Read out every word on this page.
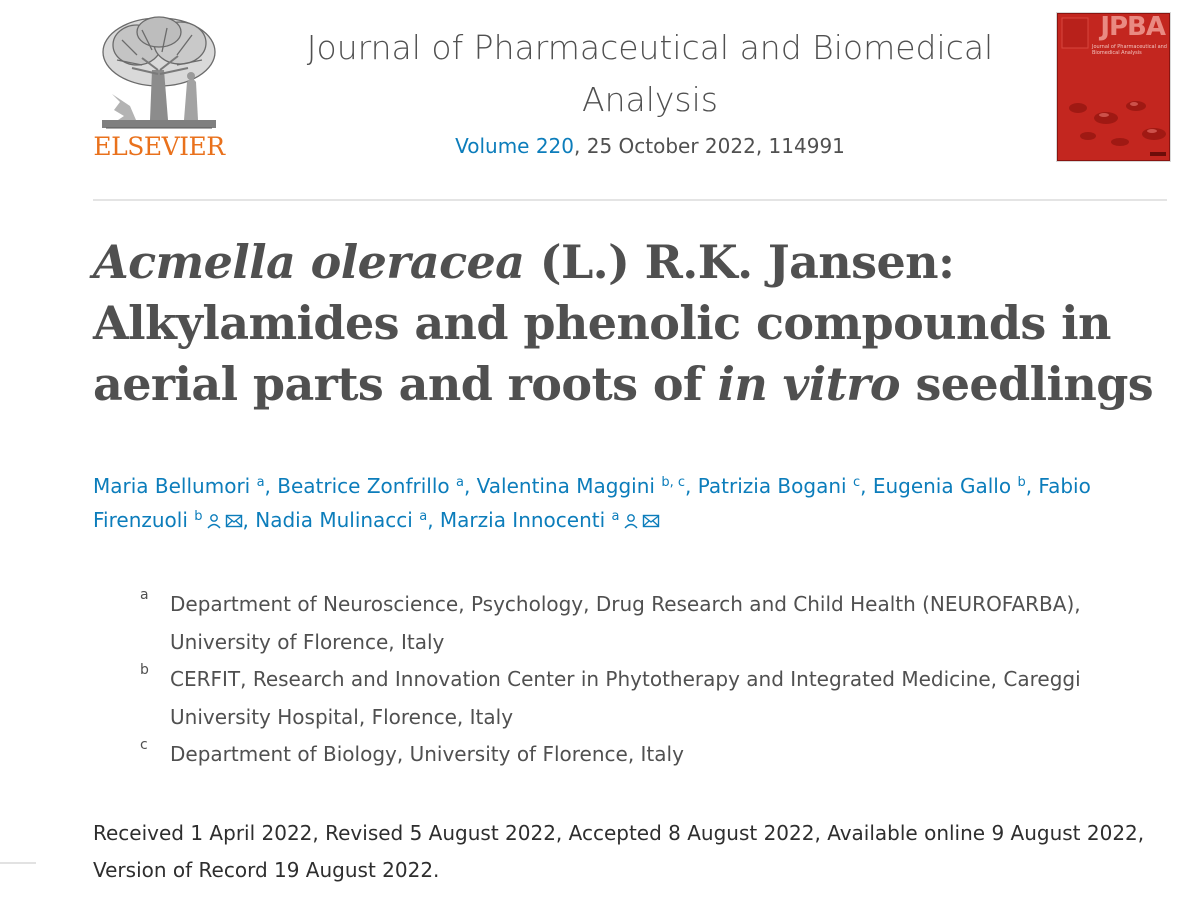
ELSEVIER
Journal of Pharmaceutical and Biomedical
Analysis
Volume 220, 25 October 2022, 114991
JPBA
Journal of Pharmaceutical and Biomedical Analysis
Acmella oleracea (L.) R.K. Jansen: Alkylamides and phenolic compounds in aerial parts and roots of in vitro seedlings
Maria Bellumori $^a$, Beatrice Zonfrillo $^a$, Valentina Maggini $^{b, c}$, Patrizia Bogani $^c$, Eugenia Gallo $^b$, Fabio Firenzuoli $^b$ , Nadia Mulinacci $^a$, Marzia Innocenti $^a$
a Department of Neuroscience, Psychology, Drug Research and Child Health (NEUROFARBA), University of Florence, Italy
b CERFIT, Research and Innovation Center in Phytotherapy and Integrated Medicine, Careggi University Hospital, Florence, Italy
c Department of Biology, University of Florence, Italy

Received 1 April 2022, Revised 5 August 2022, Accepted 8 August 2022, Available online 9 August 2022, Version of Record 19 August 2022.
